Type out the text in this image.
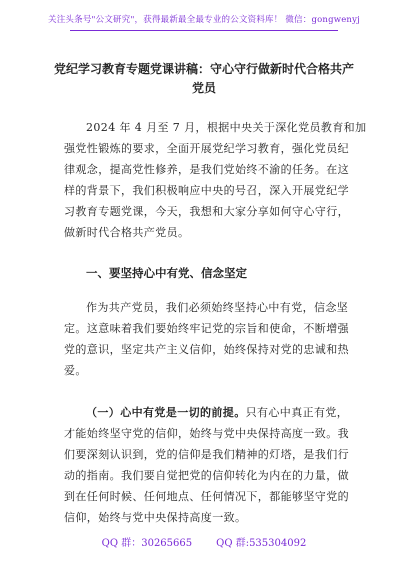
关注头条号"公文研究"，获得最新最全最专业的公文资料库！ 微信：gongwenyj
党纪学习教育专题党课讲稿：守心守行做新时代合格共产
党员
2024 年 4 月至 7 月，根据中央关于深化党员教育和加
强党性锻炼的要求，全面开展党纪学习教育，强化党员纪
律观念，提高党性修养，是我们党始终不渝的任务。在这
样的背景下，我们积极响应中央的号召，深入开展党纪学
习教育专题党课，今天，我想和大家分享如何守心守行，
做新时代合格共产党员。
一、要坚持心中有党、信念坚定
作为共产党员，我们必须始终坚持心中有党，信念坚
定。这意味着我们要始终牢记党的宗旨和使命，不断增强
党的意识，坚定共产主义信仰，始终保持对党的忠诚和热
爱。
（一）心中有党是一切的前提。只有心中真正有党，
才能始终坚守党的信仰，始终与党中央保持高度一致。我
们要深刻认识到，党的信仰是我们精神的灯塔，是我们行
动的指南。我们要自觉把党的信仰转化为内在的力量，做
到在任何时候、任何地点、任何情况下，都能够坚守党的
信仰，始终与党中央保持高度一致。
QQ 群：30265665 QQ 群:535304092
